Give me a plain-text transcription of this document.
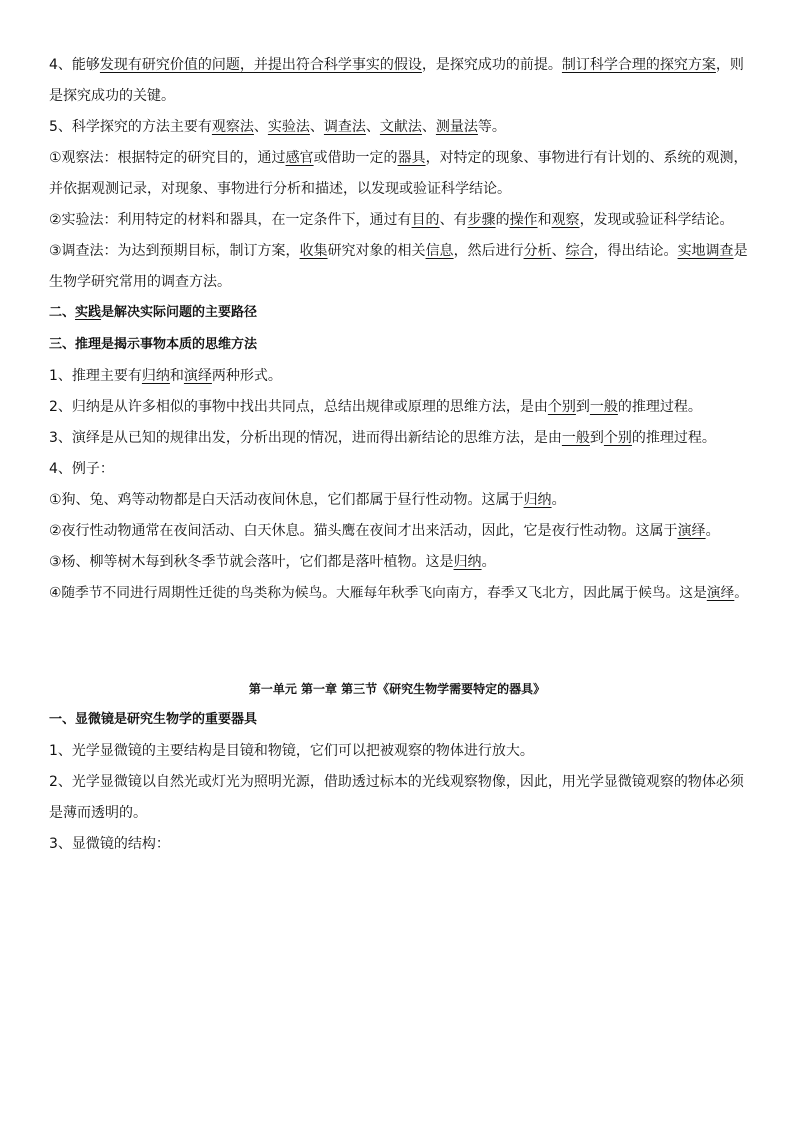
4、能够发现有研究价值的问题，并提出符合科学事实的假设，是探究成功的前提。制订科学合理的探究方案，则
是探究成功的关键。
5、科学探究的方法主要有观察法、实验法、调查法、文献法、测量法等。
①观察法：根据特定的研究目的，通过感官或借助一定的器具，对特定的现象、事物进行有计划的、系统的观测，
并依据观测记录，对现象、事物进行分析和描述，以发现或验证科学结论。
②实验法：利用特定的材料和器具，在一定条件下，通过有目的、有步骤的操作和观察，发现或验证科学结论。
③调查法：为达到预期目标，制订方案，收集研究对象的相关信息，然后进行分析、综合，得出结论。实地调查是
生物学研究常用的调查方法。
二、实践是解决实际问题的主要路径
三、推理是揭示事物本质的思维方法
1、推理主要有归纳和演绎两种形式。
2、归纳是从许多相似的事物中找出共同点，总结出规律或原理的思维方法，是由个别到一般的推理过程。
3、演绎是从已知的规律出发，分析出现的情况，进而得出新结论的思维方法，是由一般到个别的推理过程。
4、例子：
①狗、兔、鸡等动物都是白天活动夜间休息，它们都属于昼行性动物。这属于归纳。
②夜行性动物通常在夜间活动、白天休息。猫头鹰在夜间才出来活动，因此，它是夜行性动物。这属于演绎。
③杨、柳等树木每到秋冬季节就会落叶，它们都是落叶植物。这是归纳。
④随季节不同进行周期性迁徙的鸟类称为候鸟。大雁每年秋季飞向南方，春季又飞北方，因此属于候鸟。这是演绎。
第一单元 第一章 第三节《研究生物学需要特定的器具》
一、显微镜是研究生物学的重要器具
1、光学显微镜的主要结构是目镜和物镜，它们可以把被观察的物体进行放大。
2、光学显微镜以自然光或灯光为照明光源，借助透过标本的光线观察物像，因此，用光学显微镜观察的物体必须
是薄而透明的。
3、显微镜的结构：
